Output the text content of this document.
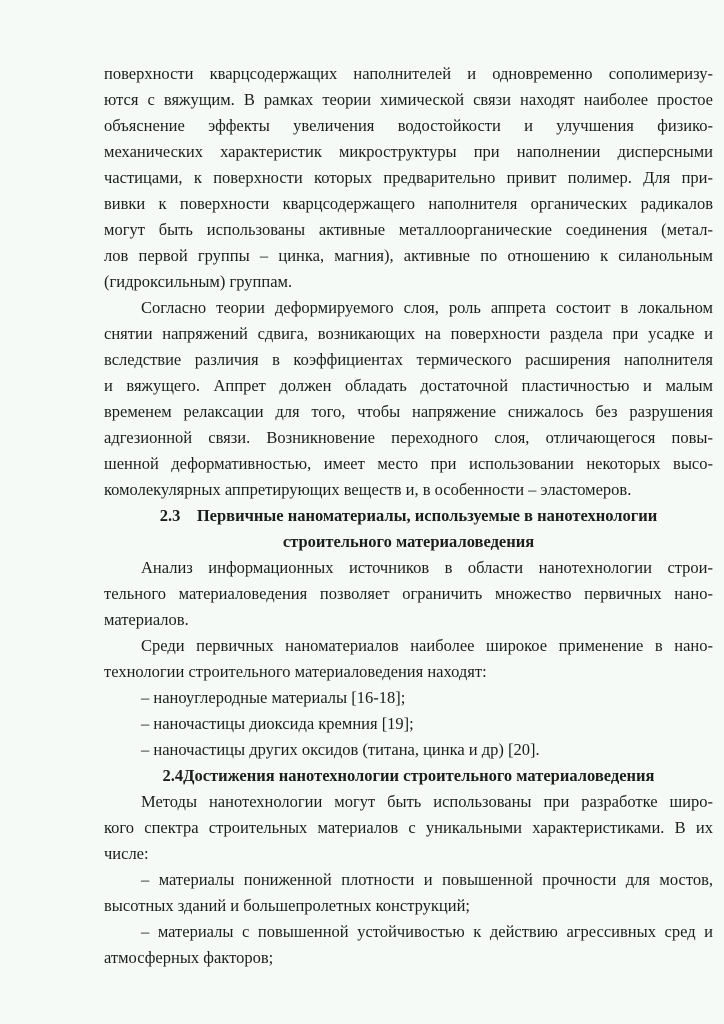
поверхности кварцсодержащих наполнителей и одновременно сополимеризу-
ются с вяжущим. В рамках теории химической связи находят наиболее простое
объяснение эффекты увеличения водостойкости и улучшения физико-
механических характеристик микроструктуры при наполнении дисперсными
частицами, к поверхности которых предварительно привит полимер. Для при-
вивки к поверхности кварцсодержащего наполнителя органических радикалов
могут быть использованы активные металлоорганические соединения (метал-
лов первой группы – цинка, магния), активные по отношению к силанольным
(гидроксильным) группам.
Согласно теории деформируемого слоя, роль аппрета состоит в локальном
снятии напряжений сдвига, возникающих на поверхности раздела при усадке и
вследствие различия в коэффициентах термического расширения наполнителя
и вяжущего. Аппрет должен обладать достаточной пластичностью и малым
временем релаксации для того, чтобы напряжение снижалось без разрушения
адгезионной связи. Возникновение переходного слоя, отличающегося повы-
шенной деформативностью, имеет место при использовании некоторых высо-
комолекулярных аппретирующих веществ и, в особенности – эластомеров.
2.3    Первичные наноматериалы, используемые в нанотехнологии
строительного материаловедения
Анализ информационных источников в области нанотехнологии строи-
тельного материаловедения позволяет ограничить множество первичных нано-
материалов.
Среди первичных наноматериалов наиболее широкое применение в нано-
технологии строительного материаловедения находят:
– наноуглеродные материалы [16-18];
– наночастицы диоксида кремния [19];
– наночастицы других оксидов (титана, цинка и др) [20].
2.4Достижения нанотехнологии строительного материаловедения
Методы нанотехнологии могут быть использованы при разработке широ-
кого спектра строительных материалов с уникальными характеристиками. В их
числе:
– материалы пониженной плотности и повышенной прочности для мостов,
высотных зданий и большепролетных конструкций;
– материалы с повышенной устойчивостью к действию агрессивных сред и
атмосферных факторов;
